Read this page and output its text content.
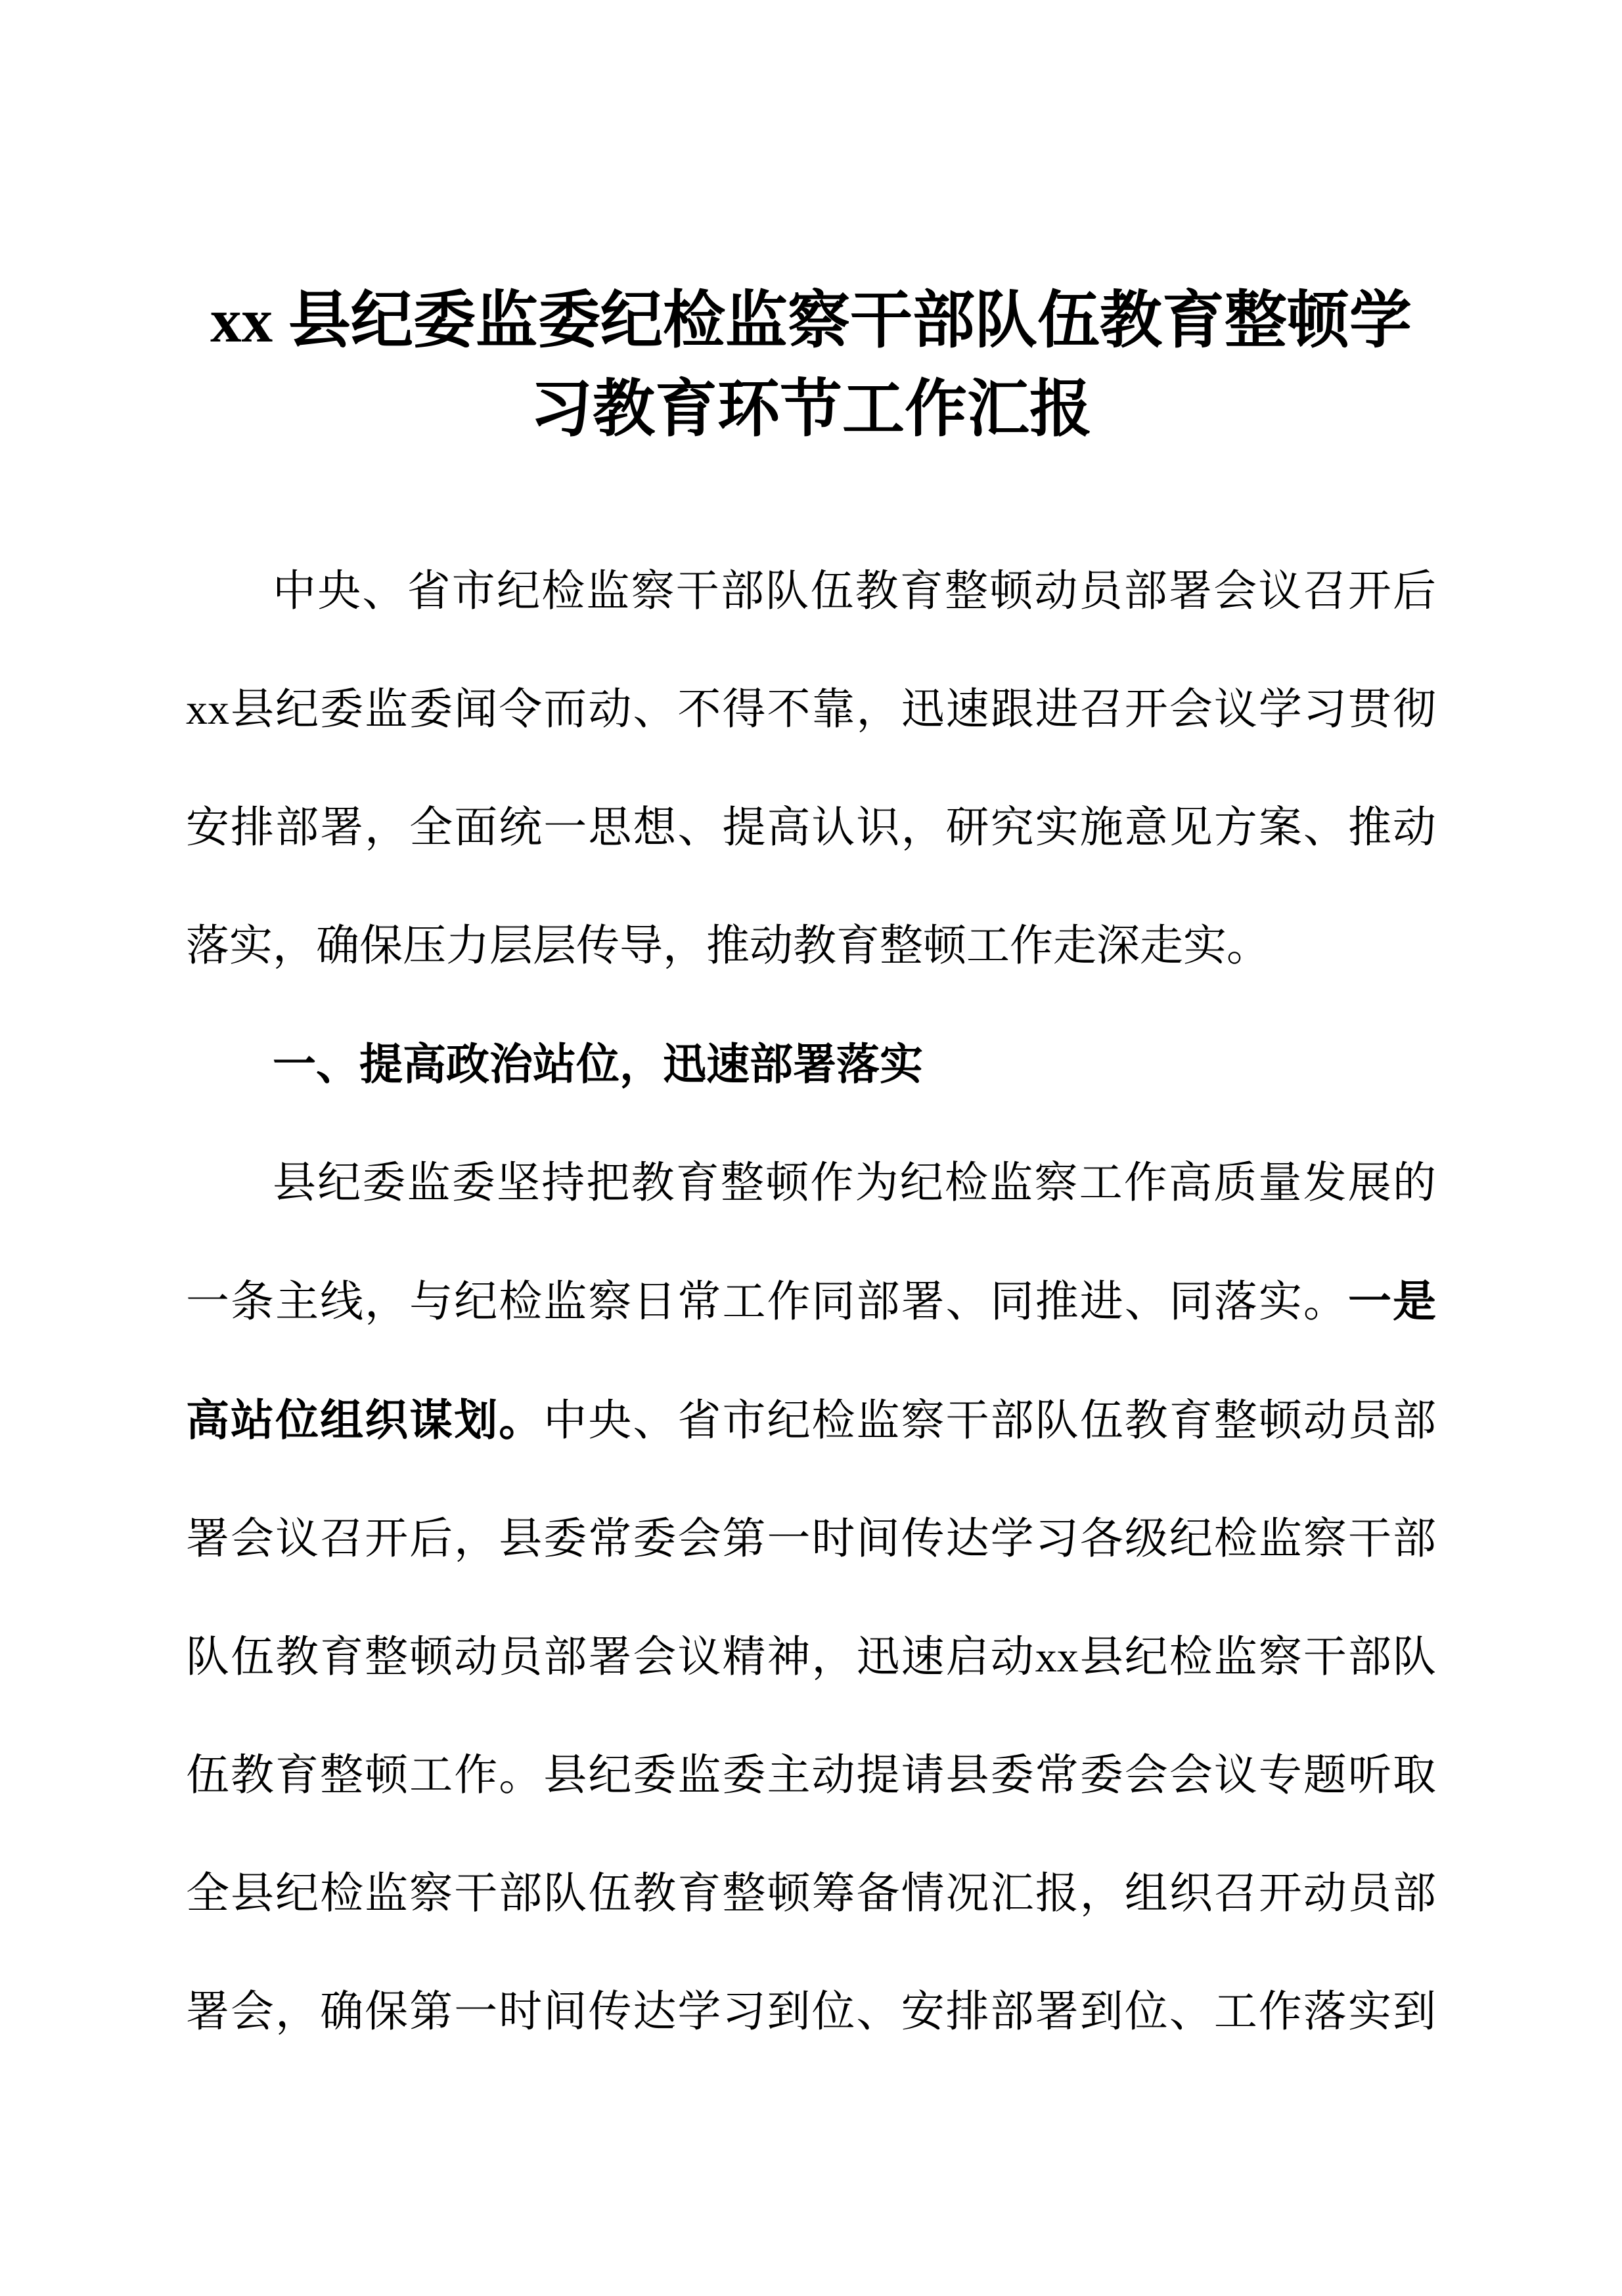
xx 县纪委监委纪检监察干部队伍教育整顿学
习教育环节工作汇报
中央、省市纪检监察干部队伍教育整顿动员部署会议召开后
xx县纪委监委闻令而动、不得不靠，迅速跟进召开会议学习贯彻
安排部署，全面统一思想、提高认识，研究实施意见方案、推动
落实，确保压力层层传导，推动教育整顿工作走深走实。
一、提高政治站位，迅速部署落实
县纪委监委坚持把教育整顿作为纪检监察工作高质量发展的
一条主线，与纪检监察日常工作同部署、同推进、同落实。一是
高站位组织谋划。中央、省市纪检监察干部队伍教育整顿动员部
署会议召开后，县委常委会第一时间传达学习各级纪检监察干部
队伍教育整顿动员部署会议精神，迅速启动xx县纪检监察干部队
伍教育整顿工作。县纪委监委主动提请县委常委会会议专题听取
全县纪检监察干部队伍教育整顿筹备情况汇报，组织召开动员部
署会，确保第一时间传达学习到位、安排部署到位、工作落实到
